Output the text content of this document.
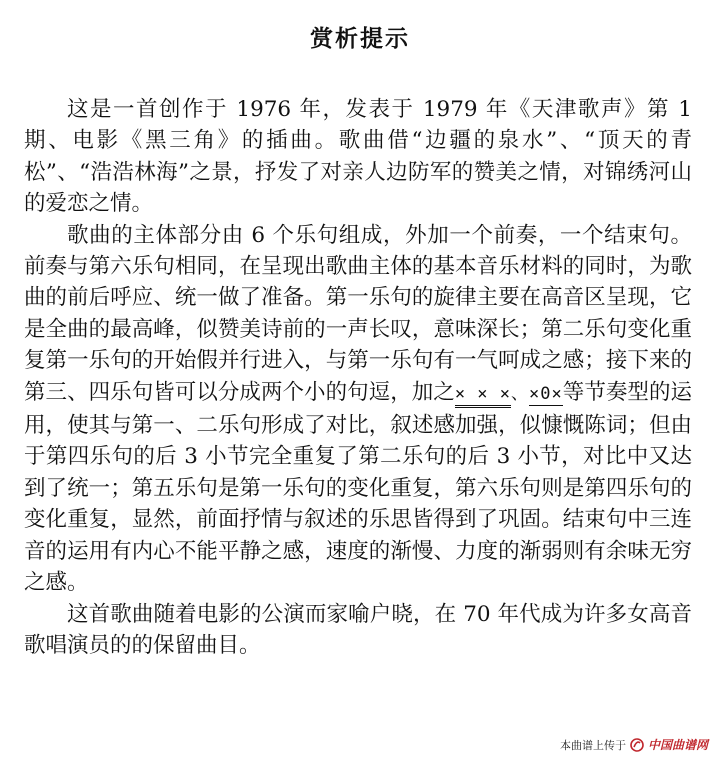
赏析提示

这是一首创作于 1976 年，发表于 1979 年《天津歌声》第 1 期、电影《黑三角》的插曲。歌曲借“边疆的泉水”、“顶天的青松”、“浩浩林海”之景，抒发了对亲人边防军的赞美之情，对锦绣河山的爱恋之情。

歌曲的主体部分由 6 个乐句组成，外加一个前奏，一个结束句。前奏与第六乐句相同，在呈现出歌曲主体的基本音乐材料的同时，为歌曲的前后呼应、统一做了准备。第一乐句的旋律主要在高音区呈现，它是全曲的最高峰，似赞美诗前的一声长叹，意味深长；第二乐句变化重复第一乐句的开始假并行进入，与第一乐句有一气呵成之感；接下来的第三、四乐句皆可以分成两个小的句逗，加之× × ×、×0×等节奏型的运用，使其与第一、二乐句形成了对比，叙述感加强，似慷慨陈词；但由于第四乐句的后 3 小节完全重复了第二乐句的后 3 小节，对比中又达到了统一；第五乐句是第一乐句的变化重复，第六乐句则是第四乐句的变化重复，显然，前面抒情与叙述的乐思皆得到了巩固。结束句中三连音的运用有内心不能平静之感，速度的渐慢、力度的渐弱则有余味无穷之感。

这首歌曲随着电影的公演而家喻户晓，在 70 年代成为许多女高音歌唱演员的的保留曲目。

本曲谱上传于 中国曲谱网
